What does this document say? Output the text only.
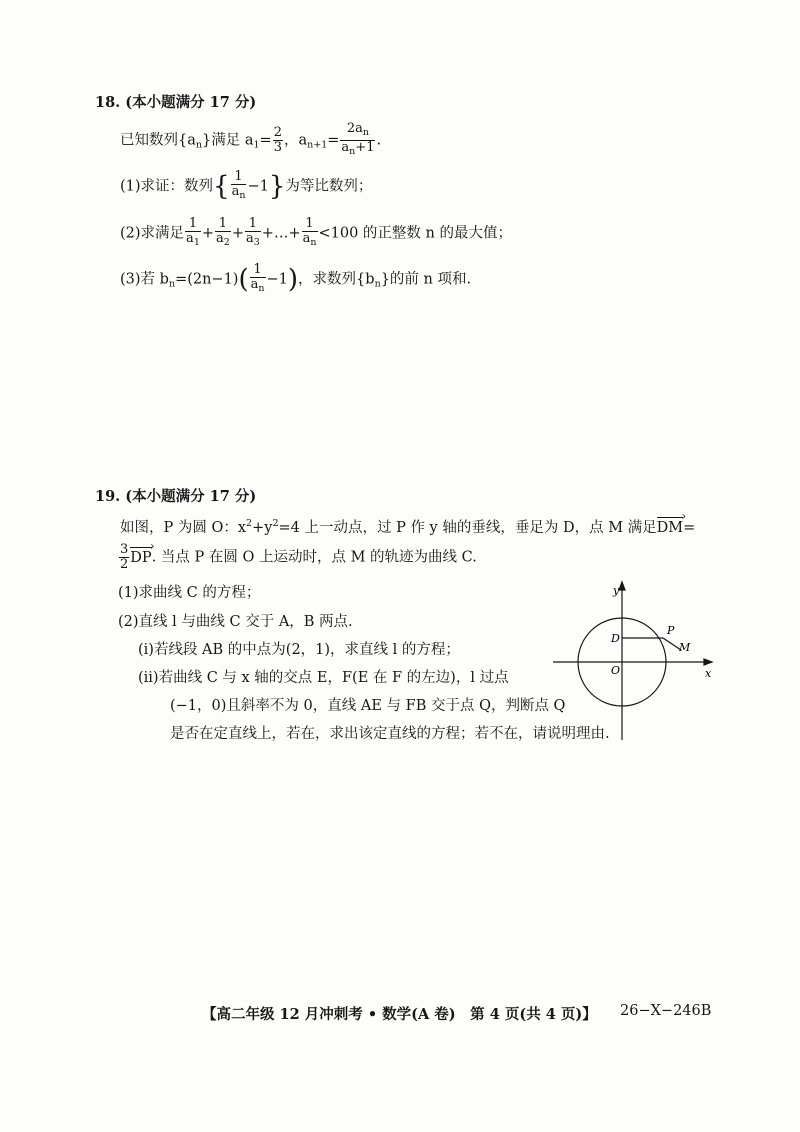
18. (本小题满分 17 分)
已知数列$\{a_n\}$满足 $a_1= \frac{2}{3}$ ，$a_{n+1}= \frac{2a_n}{a_n+1}$ .
(1)求证：数列{ $\frac{1}{a_n} -1$}为等比数列；
(2)求满足 $\frac{1}{a_1} + \frac{1}{a_2} + \frac{1}{a_3}$ +…+ $\frac{1}{a_n} <100$ 的正整数 n 的最大值；
(3)若 $b_n=(2n-1)( \frac{1}{a_n} -1)$，求数列$\{b_n\}$的前 n 项和.
19. (本小题满分 17 分)
如图，P 为圆 O：$x^2+y^2=4$ 上一动点，过 P 作 y 轴的垂线，垂足为 D，点 M 满足› DM=
$\frac{3}{2}$
› DP. 当点 P 在圆 O 上运动时，点 M 的轨迹为曲线 C.
(1)求曲线 C 的方程；
(2)直线 l 与曲线 C 交于 A，B 两点.
(ⅰ)若线段 AB 的中点为(2，1)，求直线 l 的方程；
(ⅱ)若曲线 C 与 x 轴的交点 E，F(E 在 F 的左边)，l 过点
(−1，0)且斜率不为 0，直线 AE 与 FB 交于点 Q，判断点 Q
是否在定直线上，若在，求出该定直线的方程；若不在，请说明理由.
y
x
D
P
M
O
【高二年级 12 月冲刺考 • 数学(A 卷)　第 4 页(共 4 页)】 26−X−246B
